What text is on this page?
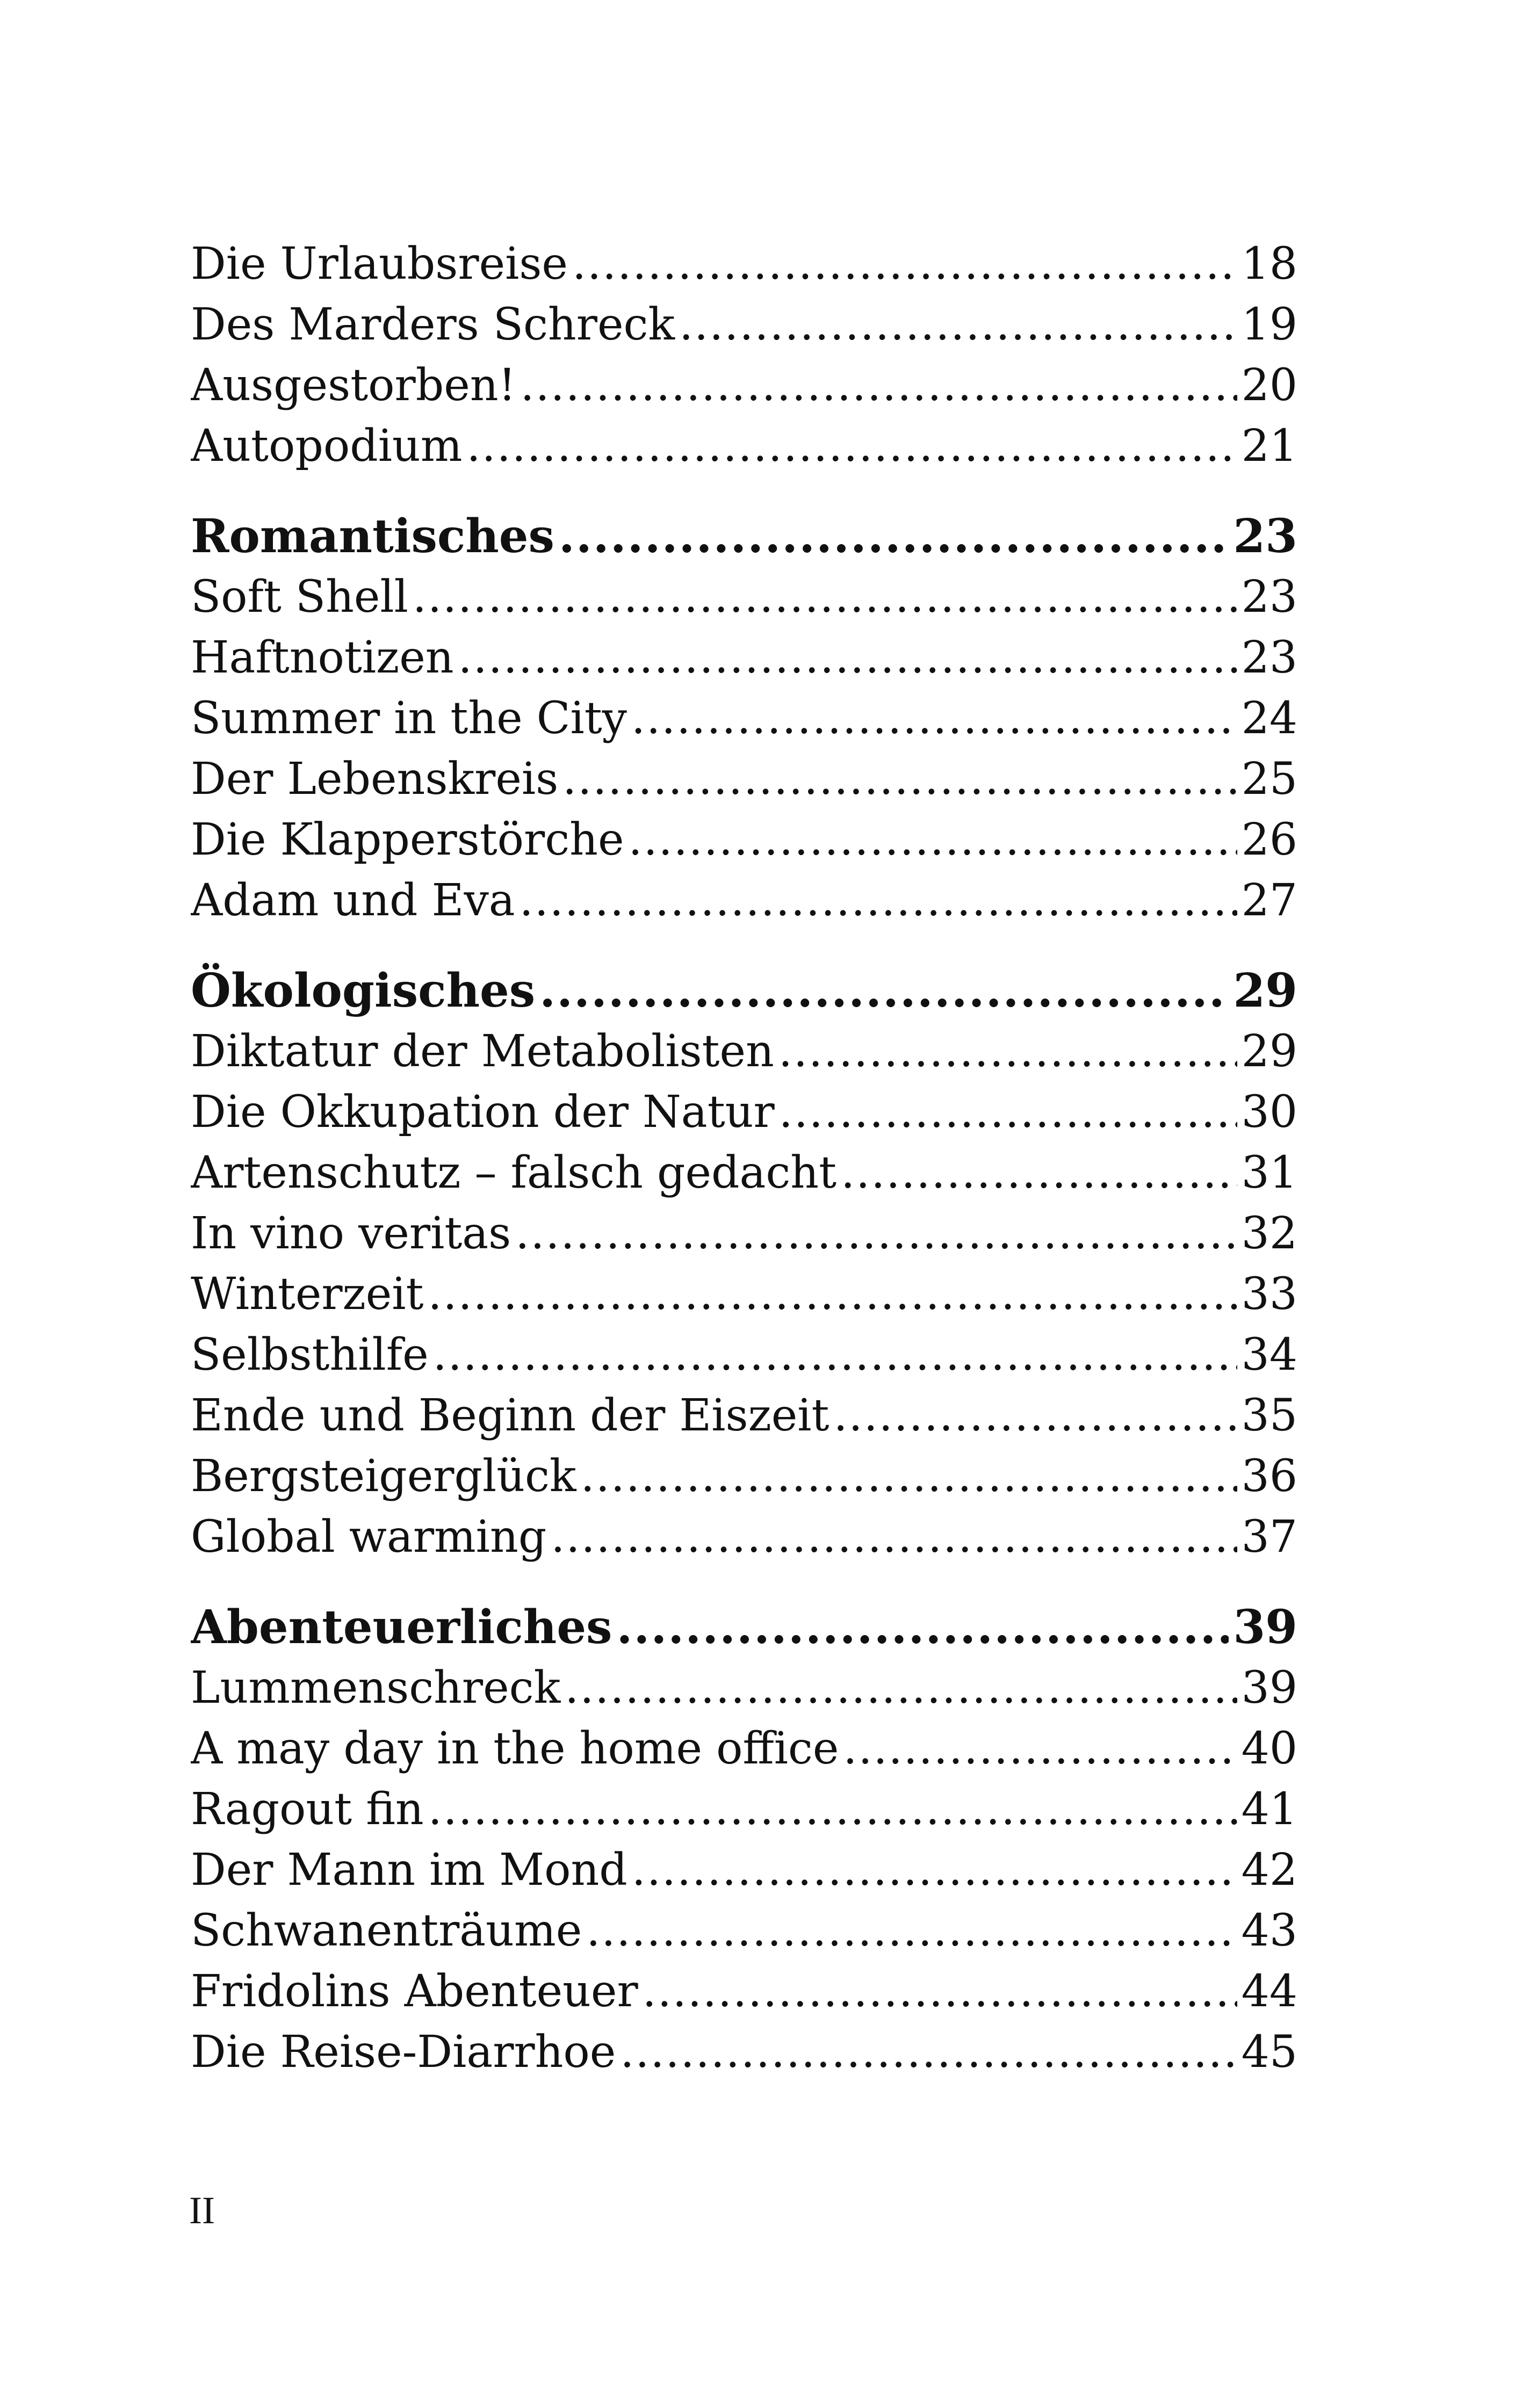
Die Urlaubsreise .....	18
Des Marders Schreck .....	19
Ausgestorben! .....	20
Autopodium .....	21
Romantisches .....	23
Soft Shell .....	23
Haftnotizen .....	23
Summer in the City .....	24
Der Lebenskreis .....	25
Die Klapperstörche .....	26
Adam und Eva .....	27
Ökologisches .....	29
Diktatur der Metabolisten .....	29
Die Okkupation der Natur .....	30
Artenschutz – falsch gedacht .....	31
In vino veritas .....	32
Winterzeit .....	33
Selbsthilfe .....	34
Ende und Beginn der Eiszeit .....	35
Bergsteigerglück .....	36
Global warming .....	37
Abenteuerliches .....	39
Lummenschreck .....	39
A may day in the home office .....	40
Ragout fin .....	41
Der Mann im Mond .....	42
Schwanenträume .....	43
Fridolins Abenteuer .....	44
Die Reise-Diarrhoe .....	45
II
